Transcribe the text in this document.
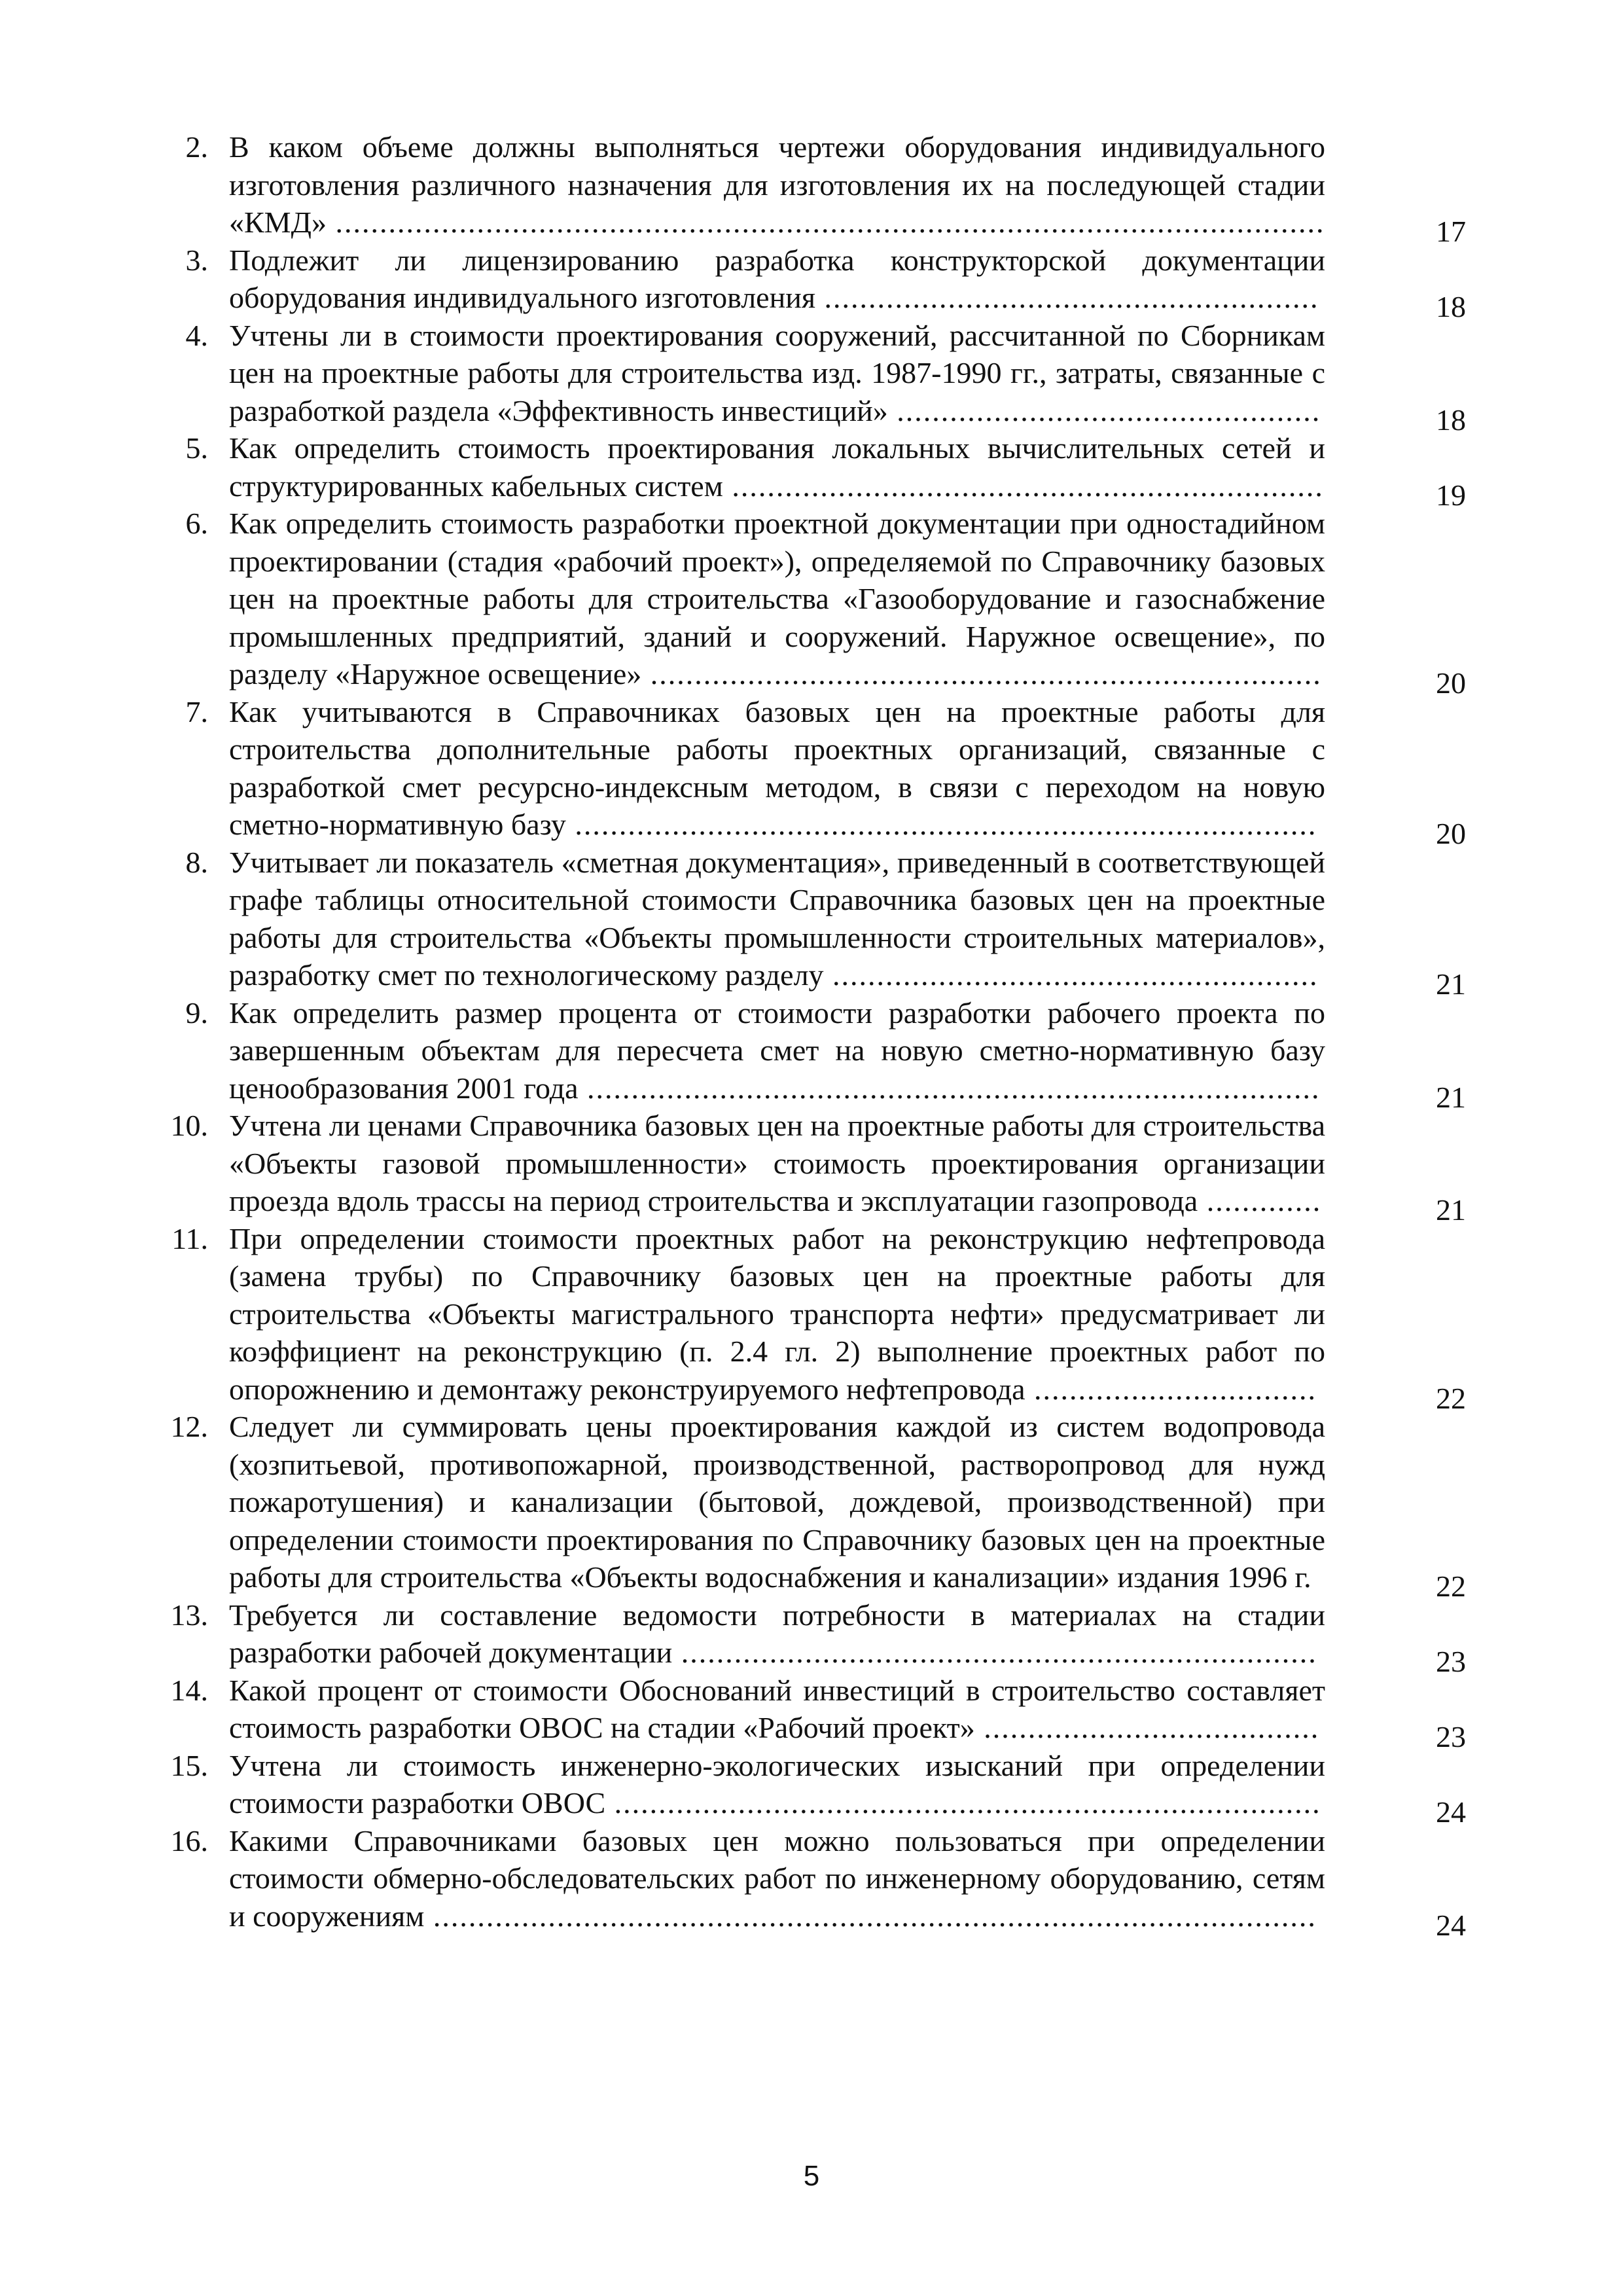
2. В каком объеме должны выполняться чертежи оборудования индивидуального изготовления различного назначения для изготовления их на последующей стадии «КМД» ................................................................................................................	17
3. Подлежит ли лицензированию разработка конструкторской документации оборудования индивидуального изготовления ........................................................	18
4. Учтены ли в стоимости проектирования сооружений, рассчитанной по Сборникам цен на проектные работы для строительства изд. 1987-1990 гг., затраты, связанные с разработкой раздела «Эффективность инвестиций» ................................................	18
5. Как определить стоимость проектирования локальных вычислительных сетей и структурированных кабельных систем ...................................................................	19
6. Как определить стоимость разработки проектной документации при одностадийном проектировании (стадия «рабочий проект»), определяемой по Справочнику базовых цен на проектные работы для строительства «Газооборудование и газоснабжение промышленных предприятий, зданий и сооружений. Наружное освещение», по разделу «Наружное освещение» ............................................................................	20
7. Как учитываются в Справочниках базовых цен на проектные работы для строительства дополнительные работы проектных организаций, связанные с разработкой смет ресурсно-индексным методом, в связи с переходом на новую сметно-нормативную базу ....................................................................................	20
8. Учитывает ли показатель «сметная документация», приведенный в соответствующей графе таблицы относительной стоимости Справочника базовых цен на проектные работы для строительства «Объекты промышленности строительных материалов», разработку смет по технологическому разделу .......................................................	21
9. Как определить размер процента от стоимости разработки рабочего проекта по завершенным объектам для пересчета смет на новую сметно-нормативную базу ценообразования 2001 года ...................................................................................	21
10. Учтена ли ценами Справочника базовых цен на проектные работы для строительства «Объекты газовой промышленности» стоимость проектирования организации проезда вдоль трассы на период строительства и эксплуатации газопровода .............	21
11. При определении стоимости проектных работ на реконструкцию нефтепровода (замена трубы) по Справочнику базовых цен на проектные работы для строительства «Объекты магистрального транспорта нефти» предусматривает ли коэффициент на реконструкцию (п. 2.4 гл. 2) выполнение проектных работ по опорожнению и демонтажу реконструируемого нефтепровода ................................	22
12. Следует ли суммировать цены проектирования каждой из систем водопровода (хозпитьевой, противопожарной, производственной, растворопровод для нужд пожаротушения) и канализации (бытовой, дождевой, производственной) при определении стоимости проектирования по Справочнику базовых цен на проектные работы для строительства «Объекты водоснабжения и канализации» издания 1996 г.	22
13. Требуется ли составление ведомости потребности в материалах на стадии разработки рабочей документации ........................................................................	23
14. Какой процент от стоимости Обоснований инвестиций в строительство составляет стоимость разработки ОВОС на стадии «Рабочий проект» ......................................	23
15. Учтена ли стоимость инженерно-экологических изысканий при определении стоимости разработки ОВОС ................................................................................	24
16. Какими Справочниками базовых цен можно пользоваться при определении стоимости обмерно-обследовательских работ по инженерному оборудованию, сетям и сооружениям ....................................................................................................	24
5
